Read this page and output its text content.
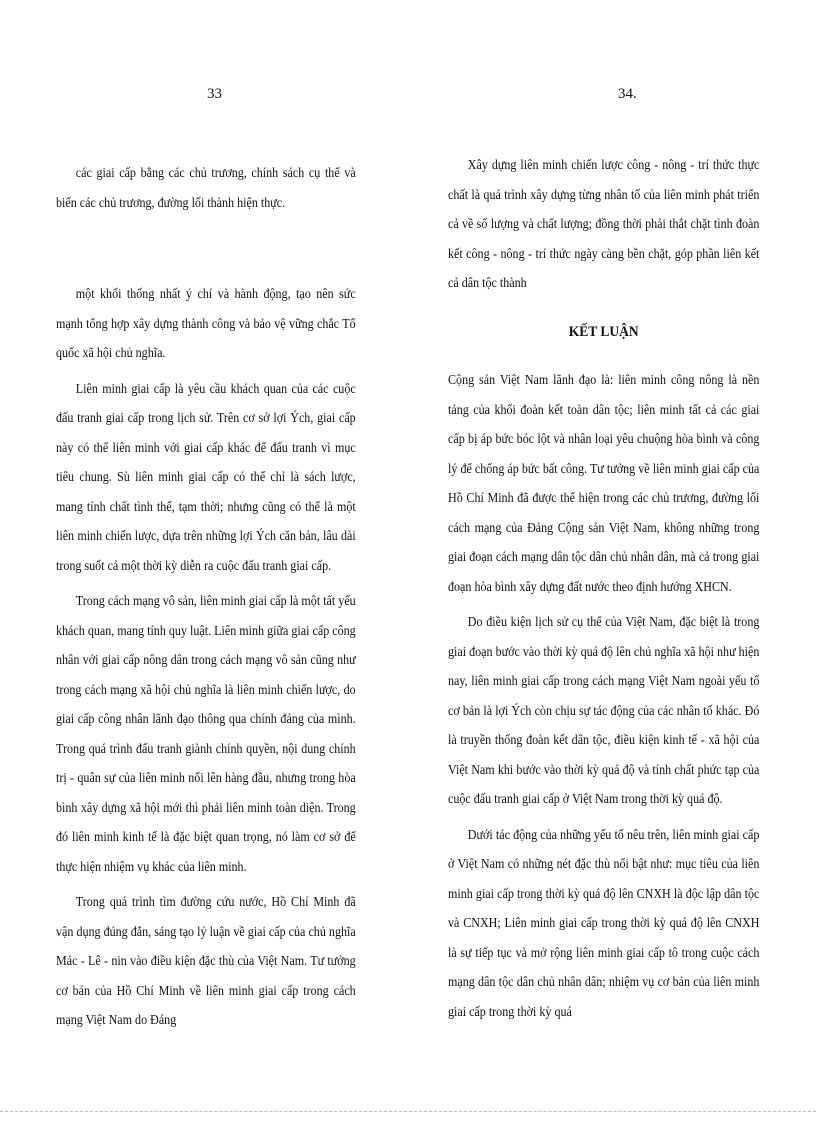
33	34.

các giai cấp bằng các chủ trương, chính sách cụ thể và biến các chủ trương, đường lối thành hiện thực.

một khối thống nhất ý chí và hành động, tạo nên sức mạnh tổng hợp xây dựng thành công và bảo vệ vững chắc Tổ quốc xã hội chủ nghĩa.

Liên minh giai cấp là yêu cầu khách quan của các cuộc đấu tranh giai cấp trong lịch sử. Trên cơ sở lợi Ých, giai cấp này có thể liên minh với giai cấp khác để đấu tranh vì mục tiêu chung. Sù liên minh giai cấp có thể chỉ là sách lược, mang tính chất tình thế, tạm thời; nhưng cũng có thể là một liên minh chiến lược, dựa trên những lợi Ých căn bản, lâu dài trong suốt cả một thời kỳ diễn ra cuộc đấu tranh giai cấp.

Trong cách mạng vô sản, liên minh giai cấp là một tất yếu khách quan, mang tính quy luật. Liên minh giữa giai cấp công nhân với giai cấp nông dân trong cách mạng vô sản cũng như trong cách mạng xã hội chủ nghĩa là liên minh chiến lược, do giai cấp công nhân lãnh đạo thông qua chính đảng của mình. Trong quá trình đấu tranh giành chính quyền, nội dung chính trị - quân sự của liên minh nổi lên hàng đầu, nhưng trong hòa bình xây dựng xã hội mới thì phải liên minh toàn diện. Trong đó liên minh kinh tế là đặc biệt quan trọng, nó làm cơ sở để thực hiện nhiệm vụ khác của liên minh.

Trong quá trình tìm đường cứu nước, Hồ Chí Minh đã vận dụng đúng đắn, sáng tạo lý luận về giai cấp của chủ nghĩa Mác - Lê - nin vào điều kiện đặc thù của Việt Nam. Tư tưởng cơ bản của Hồ Chí Minh về liên minh giai cấp trong cách mạng Việt Nam do Đảng

Xây dựng liên minh chiến lược công - nông - trí thức thực chất là quá trình xây dựng từng nhân tố của liên minh phát triển cả về số lượng và chất lượng; đồng thời phải thắt chặt tình đoàn kết công - nông - trí thức ngày càng bền chặt, góp phần liên kết cả dân tộc thành

KẾT LUẬN

Cộng sản Việt Nam lãnh đạo là: liên minh công nông là nền tảng của khối đoàn kết toàn dân tộc; liên minh tất cả các giai cấp bị áp bức bóc lột và nhân loại yêu chuộng hòa bình và công lý để chống áp bức bất công. Tư tưởng về liên minh giai cấp của Hồ Chí Minh đã được thể hiện trong các chủ trương, đường lối cách mạng của Đảng Cộng sản Việt Nam, không những trong giai đoạn cách mạng dân tộc dân chủ nhân dân, mà cả trong giai đoạn hòa bình xây dựng đất nước theo định hướng XHCN.

Do điều kiện lịch sử cụ thể của Việt Nam, đặc biệt là trong giai đoạn bước vào thời kỳ quá độ lên chủ nghĩa xã hội như hiện nay, liên minh giai cấp trong cách mạng Việt Nam ngoài yếu tố cơ bản là lợi Ých còn chịu sự tác động của các nhân tố khác. Đó là truyền thống đoàn kết dân tộc, điều kiện kinh tế - xã hội của Việt Nam khi bước vào thời kỳ quá độ và tính chất phức tạp của cuộc đấu tranh giai cấp ở Việt Nam trong thời kỳ quá độ.

Dưới tác động của những yếu tố nêu trên, liên minh giai cấp ở Việt Nam có những nét đặc thù nổi bật như: mục tiêu của liên minh giai cấp trong thời kỳ quá độ lên CNXH là độc lập dân tộc và CNXH; Liên minh giai cấp trong thời kỳ quá độ lên CNXH là sự tiếp tục và mở rộng liên minh giai cấp tô trong cuộc cách mạng dân tộc dân chủ nhân dân; nhiệm vụ cơ bản của liên minh giai cấp trong thời kỳ quá
